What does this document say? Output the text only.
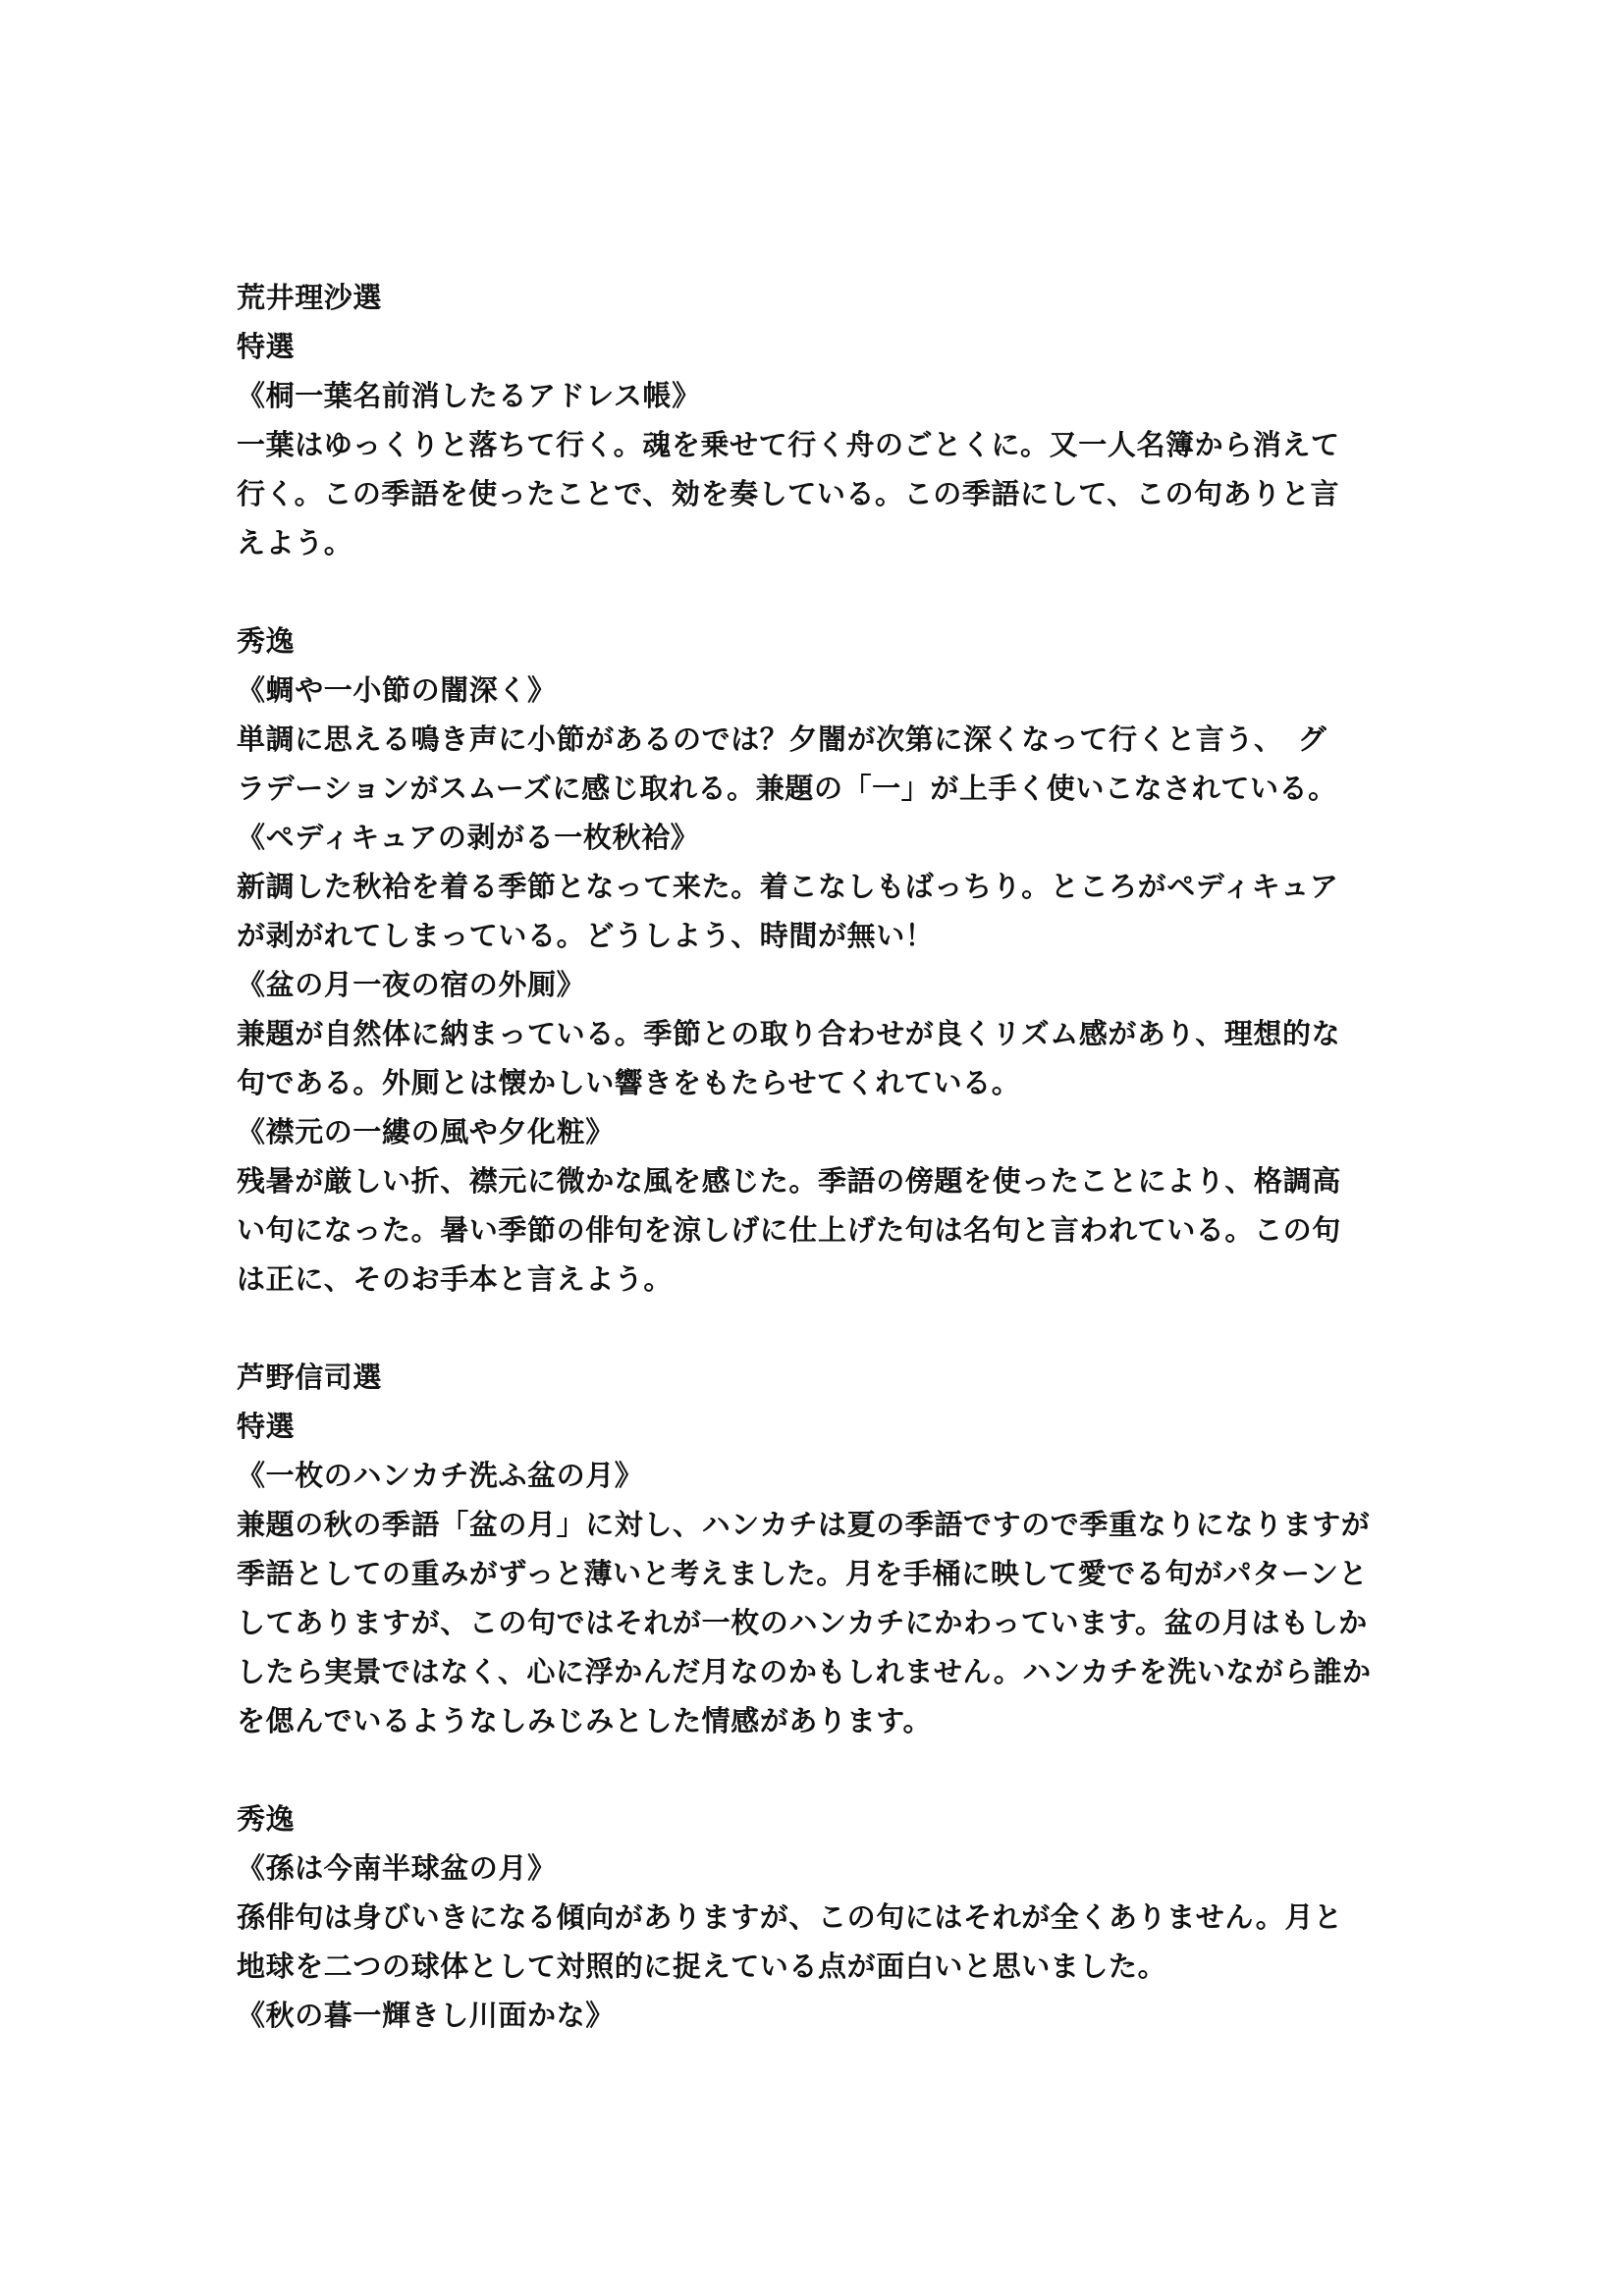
荒井理沙選
特選
《桐一葉名前消したるアドレス帳》
一葉はゆっくりと落ちて行く。魂を乗せて行く舟のごとくに。又一人名簿から消えて
行く。この季語を使ったことで、効を奏している。この季語にして、この句ありと言
えよう。
秀逸
《蜩や一小節の闇深く》
単調に思える鳴き声に小節があるのでは？夕闇が次第に深くなって行くと言う、　グ
ラデーションがスムーズに感じ取れる。兼題の「一」が上手く使いこなされている。
《ペディキュアの剥がる一枚秋袷》
新調した秋袷を着る季節となって来た。着こなしもばっちり。ところがペディキュア
が剥がれてしまっている。どうしよう、時間が無い！
《盆の月一夜の宿の外厠》
兼題が自然体に納まっている。季節との取り合わせが良くリズム感があり、理想的な
句である。外厠とは懐かしい響きをもたらせてくれている。
《襟元の一縷の風や夕化粧》
残暑が厳しい折、襟元に微かな風を感じた。季語の傍題を使ったことにより、格調高
い句になった。暑い季節の俳句を涼しげに仕上げた句は名句と言われている。この句
は正に、そのお手本と言えよう。
芦野信司選
特選
《一枚のハンカチ洗ふ盆の月》
兼題の秋の季語「盆の月」に対し、ハンカチは夏の季語ですので季重なりになりますが
季語としての重みがずっと薄いと考えました。月を手桶に映して愛でる句がパターンと
してありますが、この句ではそれが一枚のハンカチにかわっています。盆の月はもしか
したら実景ではなく、心に浮かんだ月なのかもしれません。ハンカチを洗いながら誰か
を偲んでいるようなしみじみとした情感があります。
秀逸
《孫は今南半球盆の月》
孫俳句は身びいきになる傾向がありますが、この句にはそれが全くありません。月と
地球を二つの球体として対照的に捉えている点が面白いと思いました。
《秋の暮一輝きし川面かな》
